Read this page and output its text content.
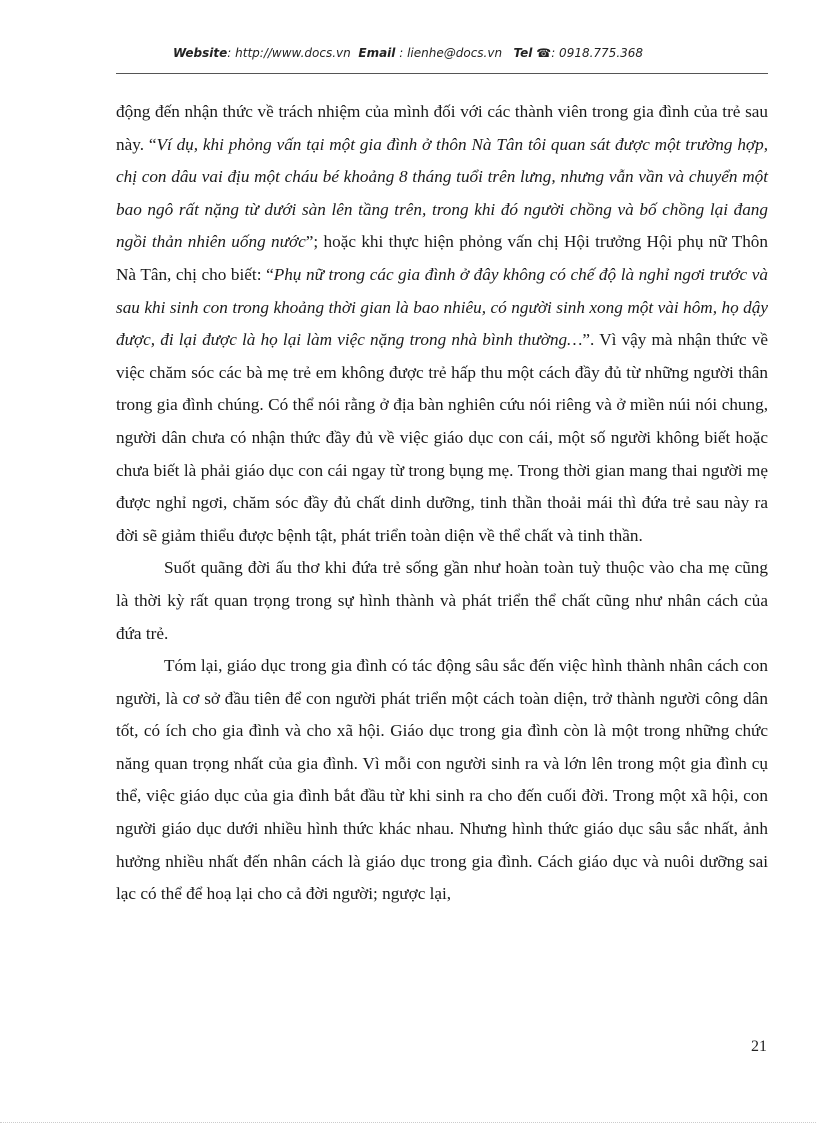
Website: http://www.docs.vn Email : lienhe@docs.vn Tel ☎: 0918.775.368

động đến nhận thức về trách nhiệm của mình đối với các thành viên trong gia đình của trẻ sau này. “Ví dụ, khi phỏng vấn tại một gia đình ở thôn Nà Tân tôi quan sát được một trường hợp, chị con dâu vai địu một cháu bé khoảng 8 tháng tuổi trên lưng, nhưng vẫn vần và chuyển một bao ngô rất nặng từ dưới sàn lên tầng trên, trong khi đó người chồng và bố chồng lại đang ngồi thản nhiên uống nước”; hoặc khi thực hiện phỏng vấn chị Hội trưởng Hội phụ nữ Thôn Nà Tân, chị cho biết: “Phụ nữ trong các gia đình ở đây không có chế độ là nghỉ ngơi trước và sau khi sinh con trong khoảng thời gian là bao nhiêu, có người sinh xong một vài hôm, họ dậy được, đi lại được là họ lại làm việc nặng trong nhà bình thường…”. Vì vậy mà nhận thức về việc chăm sóc các bà mẹ trẻ em không được trẻ hấp thu một cách đầy đủ từ những người thân trong gia đình chúng. Có thể nói rằng ở địa bàn nghiên cứu nói riêng và ở miền núi nói chung, người dân chưa có nhận thức đầy đủ về việc giáo dục con cái, một số người không biết hoặc chưa biết là phải giáo dục con cái ngay từ trong bụng mẹ. Trong thời gian mang thai người mẹ được nghỉ ngơi, chăm sóc đầy đủ chất dinh dưỡng, tinh thần thoải mái thì đứa trẻ sau này ra đời sẽ giảm thiểu được bệnh tật, phát triển toàn diện về thể chất và tinh thần.

Suốt quãng đời ấu thơ khi đứa trẻ sống gần như hoàn toàn tuỳ thuộc vào cha mẹ cũng là thời kỳ rất quan trọng trong sự hình thành và phát triển thể chất cũng như nhân cách của đứa trẻ.

Tóm lại, giáo dục trong gia đình có tác động sâu sắc đến việc hình thành nhân cách con người, là cơ sở đầu tiên để con người phát triển một cách toàn diện, trở thành người công dân tốt, có ích cho gia đình và cho xã hội. Giáo dục trong gia đình còn là một trong những chức năng quan trọng nhất của gia đình. Vì mỗi con người sinh ra và lớn lên trong một gia đình cụ thể, việc giáo dục của gia đình bắt đầu từ khi sinh ra cho đến cuối đời. Trong một xã hội, con người giáo dục dưới nhiều hình thức khác nhau. Nhưng hình thức giáo dục sâu sắc nhất, ảnh hưởng nhiều nhất đến nhân cách là giáo dục trong gia đình. Cách giáo dục và nuôi dưỡng sai lạc có thể để hoạ lại cho cả đời người; ngược lại,

21
